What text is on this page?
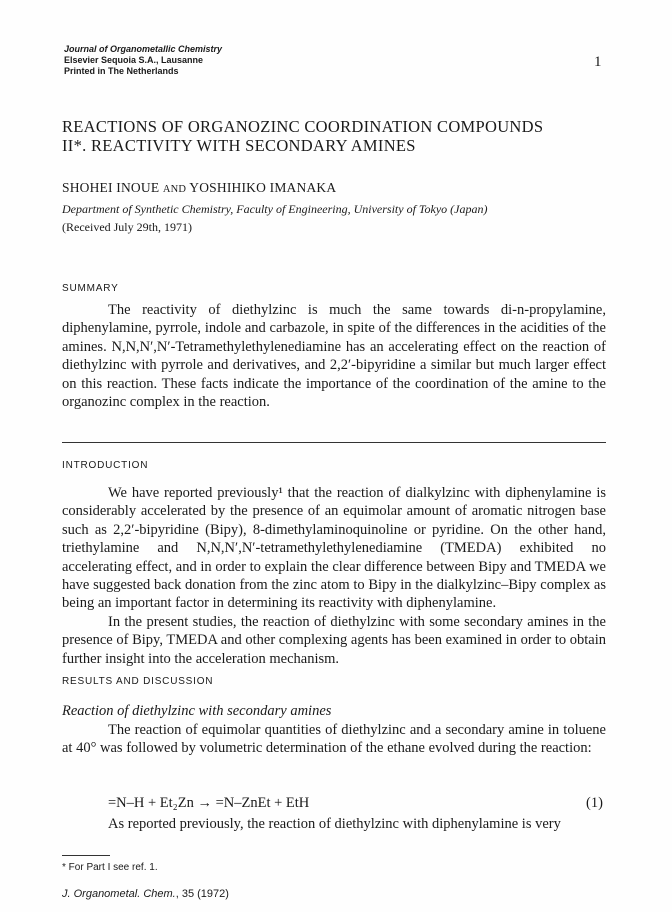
Journal of Organometallic Chemistry
Elsevier Sequoia S.A., Lausanne
Printed in The Netherlands
1
REACTIONS OF ORGANOZINC COORDINATION COMPOUNDS
II*. REACTIVITY WITH SECONDARY AMINES
SHOHEI INOUE AND YOSHIHIKO IMANAKA
Department of Synthetic Chemistry, Faculty of Engineering, University of Tokyo (Japan)
(Received July 29th, 1971)
SUMMARY

The reactivity of diethylzinc is much the same towards di-n-propylamine, diphenylamine, pyrrole, indole and carbazole, in spite of the differences in the acidities of the amines. N,N,N′,N′-Tetramethylethylenediamine has an accelerating effect on the reaction of diethylzinc with pyrrole and derivatives, and 2,2′-bipyridine a similar but much larger effect on this reaction. These facts indicate the importance of the coordination of the amine to the organozinc complex in the reaction.

INTRODUCTION

We have reported previously¹ that the reaction of dialkylzinc with diphenylamine is considerably accelerated by the presence of an equimolar amount of aromatic nitrogen base such as 2,2′-bipyridine (Bipy), 8-dimethylaminoquinoline or pyridine. On the other hand, triethylamine and N,N,N′,N′-tetramethylethylenediamine (TMEDA) exhibited no accelerating effect, and in order to explain the clear difference between Bipy and TMEDA we have suggested back donation from the zinc atom to Bipy in the dialkylzinc–Bipy complex as being an important factor in determining its reactivity with diphenylamine.

In the present studies, the reaction of diethylzinc with some secondary amines in the presence of Bipy, TMEDA and other complexing agents has been examined in order to obtain further insight into the acceleration mechanism.

RESULTS AND DISCUSSION
Reaction of diethylzinc with secondary amines

The reaction of equimolar quantities of diethylzinc and a secondary amine in toluene at 40° was followed by volumetric determination of the ethane evolved during the reaction:

=N–H + Et₂Zn → =N–ZnEt + EtH	(1)

As reported previously, the reaction of diethylzinc with diphenylamine is very

* For Part I see ref. 1.
J. Organometal. Chem., 35 (1972)
